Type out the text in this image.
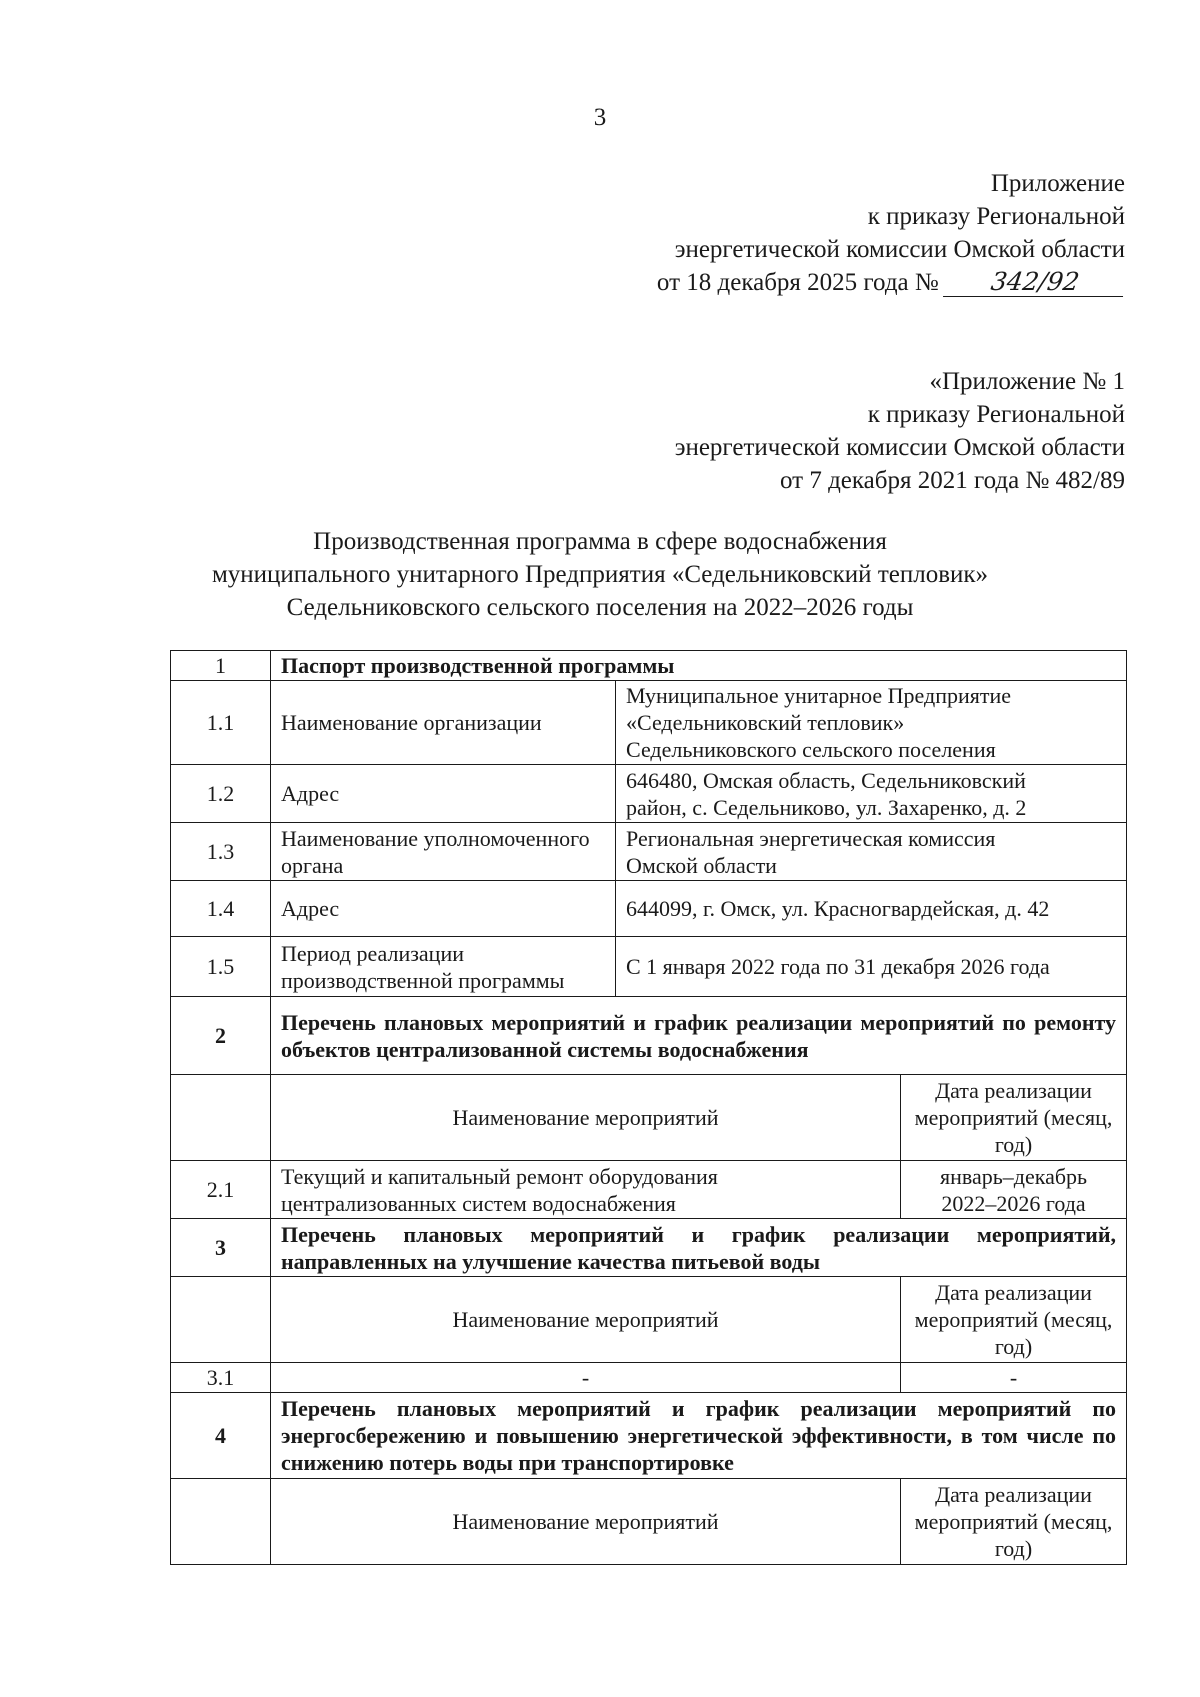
3
Приложение
к приказу Региональной
энергетической комиссии Омской области
от 18 декабря 2025 года № 342/92
«Приложение № 1
к приказу Региональной
энергетической комиссии Омской области
от 7 декабря 2021 года № 482/89
Производственная программа в сфере водоснабжения
муниципального унитарного Предприятия «Седельниковский тепловик»
Седельниковского сельского поселения на 2022–2026 годы
1	Паспорт производственной программы		
1.1	Наименование организации	Муниципальное унитарное Предприятие
«Седельниковский тепловик»
Седельниковского сельского поселения	

1.2	Адрес	646480, Омская область, Седельниковский
район, с. Седельниково, ул. Захаренко, д. 2	

1.3	Наименование уполномоченного органа	Региональная энергетическая комиссия
Омской области	

1.4	Адрес	644099, г. Омск, ул. Красногвардейская, д. 42	

1.5	Период реализации производственной программы	С 1 января 2022 года по 31 декабря 2026 года	

2	Перечень плановых мероприятий и график реализации мероприятий по ремонту объектов централизованной системы водоснабжения		
	Наименование мероприятий		Дата реализации мероприятий (месяц, год)
2.1	Текущий и капитальный ремонт оборудования централизованных систем водоснабжения		январь–декабрь 2022–2026 года
3	Перечень плановых мероприятий и график реализации мероприятий, направленных на улучшение качества питьевой воды		
	Наименование мероприятий		Дата реализации мероприятий (месяц, год)
3.1	-		-
4	Перечень плановых мероприятий и график реализации мероприятий по энергосбережению и повышению энергетической эффективности, в том числе по снижению потерь воды при транспортировке		
	Наименование мероприятий		Дата реализации мероприятий (месяц, год)
